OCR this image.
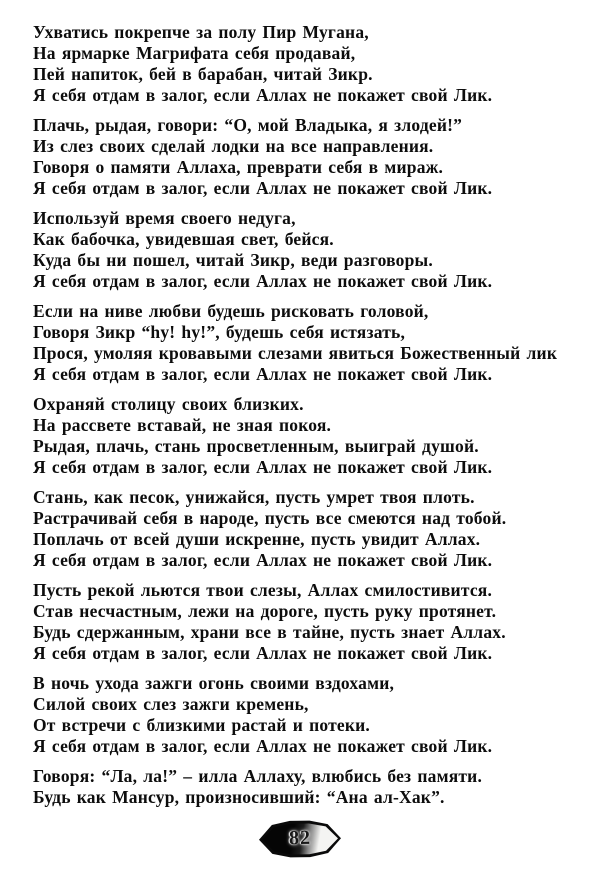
Ухватись покрепче за полу Пир Мугана,
На ярмарке Магрифата себя продавай,
Пей напиток, бей в барабан, читай Зикр.
Я себя отдам в залог, если Аллах не покажет свой Лик.
Плачь, рыдая, говори: “О, мой Владыка, я злодей!”
Из слез своих сделай лодки на все направления.
Говоря о памяти Аллаха, преврати себя в мираж.
Я себя отдам в залог, если Аллах не покажет свой Лик.
Используй время своего недуга,
Как бабочка, увидевшая свет, бейся.
Куда бы ни пошел, читай Зикр, веди разговоры.
Я себя отдам в залог, если Аллах не покажет свой Лик.
Если на ниве любви будешь рисковать головой,
Говоря Зикр “hy! hy!”, будешь себя истязать,
Прося, умоляя кровавыми слезами явиться Божественный лик
Я себя отдам в залог, если Аллах не покажет свой Лик.
Охраняй столицу своих близких.
На рассвете вставай, не зная покоя.
Рыдая, плачь, стань просветленным, выиграй душой.
Я себя отдам в залог, если Аллах не покажет свой Лик.
Стань, как песок, унижайся, пусть умрет твоя плоть.
Растрачивай себя в народе, пусть все смеются над тобой.
Поплачь от всей души искренне, пусть увидит Аллах.
Я себя отдам в залог, если Аллах не покажет свой Лик.
Пусть рекой льются твои слезы, Аллах смилостивится.
Став несчастным, лежи на дороге, пусть руку протянет.
Будь сдержанным, храни все в тайне, пусть знает Аллах.
Я себя отдам в залог, если Аллах не покажет свой Лик.
В ночь ухода зажги огонь своими вздохами,
Силой своих слез зажги кремень,
От встречи с близкими растай и потеки.
Я себя отдам в залог, если Аллах не покажет свой Лик.
Говоря: “Ла, ла!” – илла Аллаху, влюбись без памяти.
Будь как Мансур, произносивший: “Ана ал-Хак”.
82
